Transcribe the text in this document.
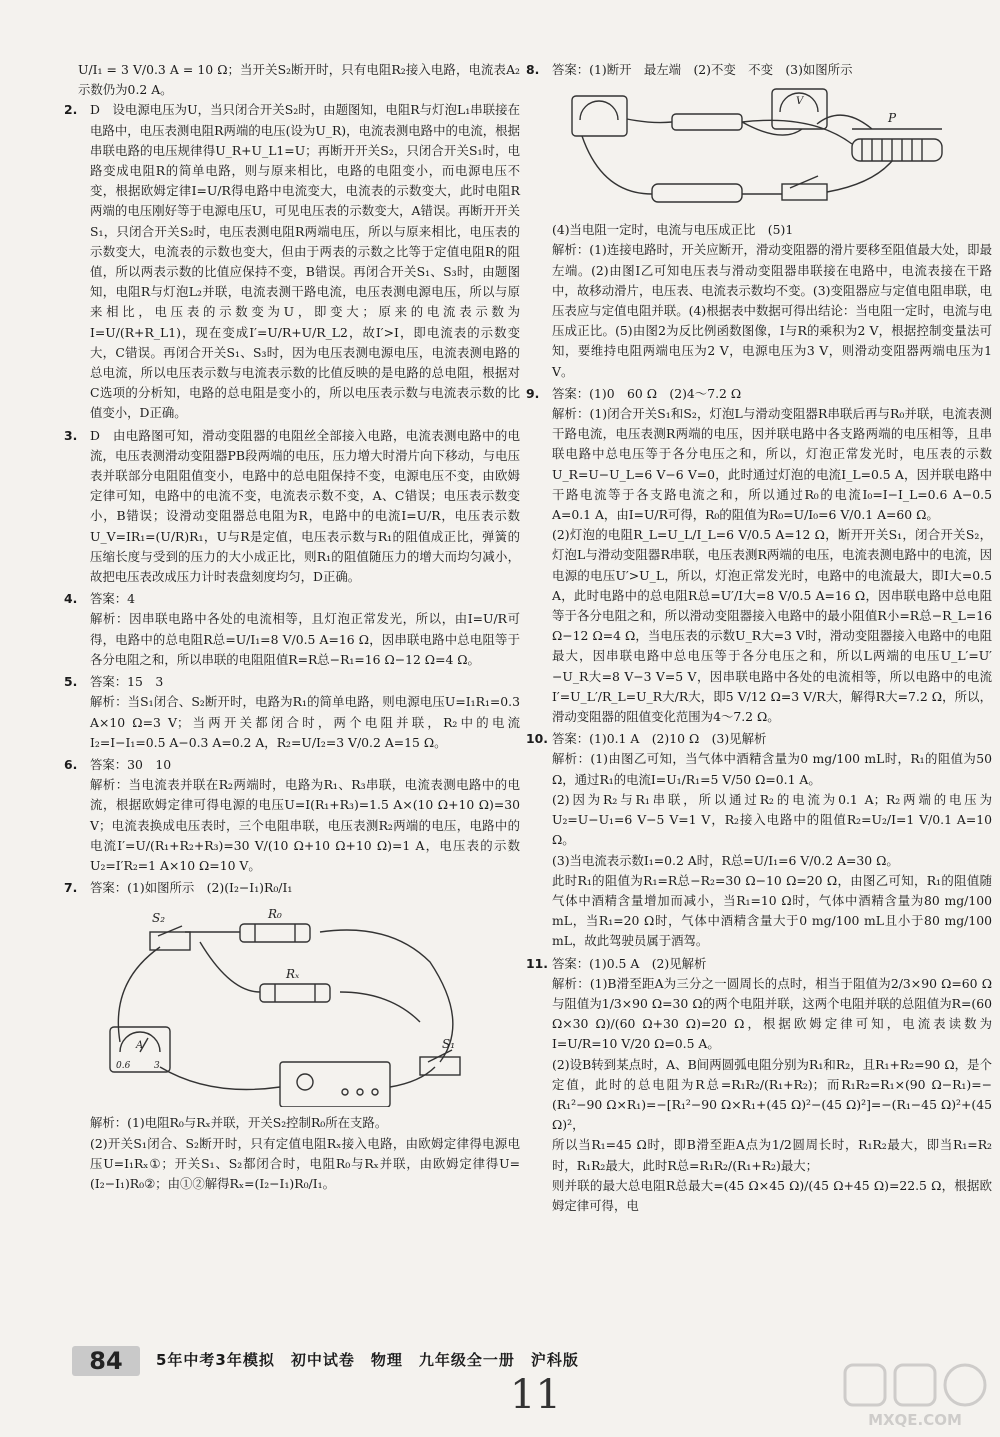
U/I₁ = 3 V/0.3 A = 10 Ω；当开关S₂断开时，只有电阻R₂接入电路，电流表A₂示数仍为0.2 A。

2. D　设电源电压为U，当只闭合开关S₂时，由题图知，电阻R与灯泡L₁串联接在电路中，电压表测电阻R两端的电压(设为U_R)，电流表测电路中的电流，根据串联电路的电压规律得U_R+U_L1=U；再断开开关S₂，只闭合开关S₁时，电路变成电阻R的简单电路，则与原来相比，电路的电阻变小，而电源电压不变，根据欧姆定律I=U/R得电路中电流变大，电流表的示数变大，此时电阻R两端的电压刚好等于电源电压U，可见电压表的示数变大，A错误。再断开开关S₁，只闭合开关S₂时，电压表测电阻R两端电压，所以与原来相比，电压表的示数变大，电流表的示数也变大，但由于两表的示数之比等于定值电阻R的阻值，所以两表示数的比值应保持不变，B错误。再闭合开关S₁、S₃时，由题图知，电阻R与灯泡L₂并联，电流表测干路电流，电压表测电源电压，所以与原来相比，电压表的示数变为U，即变大；原来的电流表示数为I=U/(R+R_L1)，现在变成I′=U/R+U/R_L2，故I′>I，即电流表的示数变大，C错误。再闭合开关S₁、S₃时，因为电压表测电源电压，电流表测电路的总电流，所以电压表示数与电流表示数的比值反映的是电路的总电阻，根据对C选项的分析知，电路的总电阻是变小的，所以电压表示数与电流表示数的比值变小，D正确。

3. D　由电路图可知，滑动变阻器的电阻丝全部接入电路，电流表测电路中的电流，电压表测滑动变阻器PB段两端的电压，压力增大时滑片向下移动，与电压表并联部分电阻阻值变小，电路中的总电阻保持不变，电源电压不变，由欧姆定律可知，电路中的电流不变，电流表示数不变，A、C错误；电压表示数变小，B错误；设滑动变阻器总电阻为R，电路中的电流I=U/R，电压表示数U_V=IR₁=(U/R)R₁，U与R是定值，电压表示数与R₁的阻值成正比，弹簧的压缩长度与受到的压力的大小成正比，则R₁的阻值随压力的增大而均匀减小，故把电压表改成压力计时表盘刻度均匀，D正确。

4. 答案：4

解析：因串联电路中各处的电流相等，且灯泡正常发光，所以，由I=U/R可得，电路中的总电阻R总=U/I₁=8 V/0.5 A=16 Ω，因串联电路中总电阻等于各分电阻之和，所以串联的电阻阻值R=R总−R₁=16 Ω−12 Ω=4 Ω。

5. 答案：15　3

解析：当S₁闭合、S₂断开时，电路为R₁的简单电路，则电源电压U=I₁R₁=0.3 A×10 Ω=3 V；当两开关都闭合时，两个电阻并联，R₂中的电流I₂=I−I₁=0.5 A−0.3 A=0.2 A，R₂=U/I₂=3 V/0.2 A=15 Ω。

6. 答案：30　10

解析：当电流表并联在R₂两端时，电路为R₁、R₃串联，电流表测电路中的电流，根据欧姆定律可得电源的电压U=I(R₁+R₃)=1.5 A×(10 Ω+10 Ω)=30 V；电流表换成电压表时，三个电阻串联，电压表测R₂两端的电压，电路中的电流I′=U/(R₁+R₂+R₃)=30 V/(10 Ω+10 Ω+10 Ω)=1 A，电压表的示数U₂=I′R₂=1 A×10 Ω=10 V。

7. 答案：(1)如图所示　(2)(I₂−I₁)R₀/I₁

S₂	R₀
Rₓ
S₁
A
0.6	3

解析：(1)电阻R₀与Rₓ并联，开关S₂控制R₀所在支路。

(2)开关S₁闭合、S₂断开时，只有定值电阻Rₓ接入电路，由欧姆定律得电源电压U=I₁Rₓ①；开关S₁、S₂都闭合时，电阻R₀与Rₓ并联，由欧姆定律得U=(I₂−I₁)R₀②；由①②解得Rₓ=(I₂−I₁)R₀/I₁。

8. 答案：(1)断开　最左端　(2)不变　不变　(3)如图所示

P
V

(4)当电阻一定时，电流与电压成正比　(5)1

解析：(1)连接电路时，开关应断开，滑动变阻器的滑片要移至阻值最大处，即最左端。(2)由图Ⅰ乙可知电压表与滑动变阻器串联接在电路中，电流表接在干路中，故移动滑片，电压表、电流表示数均不变。(3)变阻器应与定值电阻串联，电压表应与定值电阻并联。(4)根据表中数据可得出结论：当电阻一定时，电流与电压成正比。(5)由图2为反比例函数图像，I与R的乘积为2 V，根据控制变量法可知，要维持电阻两端电压为2 V，电源电压为3 V，则滑动变阻器两端电压为1 V。

9. 答案：(1)0　60 Ω　(2)4～7.2 Ω

解析：(1)闭合开关S₁和S₂，灯泡L与滑动变阻器R串联后再与R₀并联，电流表测干路电流，电压表测R两端的电压，因并联电路中各支路两端的电压相等，且串联电路中总电压等于各分电压之和，所以，灯泡正常发光时，电压表的示数U_R=U−U_L=6 V−6 V=0，此时通过灯泡的电流I_L=0.5 A，因并联电路中干路电流等于各支路电流之和，所以通过R₀的电流I₀=I−I_L=0.6 A−0.5 A=0.1 A，由I=U/R可得，R₀的阻值为R₀=U/I₀=6 V/0.1 A=60 Ω。

(2)灯泡的电阻R_L=U_L/I_L=6 V/0.5 A=12 Ω，断开开关S₁，闭合开关S₂，灯泡L与滑动变阻器R串联，电压表测R两端的电压，电流表测电路中的电流，因电源的电压U′>U_L，所以，灯泡正常发光时，电路中的电流最大，即I大=0.5 A，此时电路中的总电阻R总=U′/I大=8 V/0.5 A=16 Ω，因串联电路中总电阻等于各分电阻之和，所以滑动变阻器接入电路中的最小阻值R小=R总−R_L=16 Ω−12 Ω=4 Ω，当电压表的示数U_R大=3 V时，滑动变阻器接入电路中的电阻最大，因串联电路中总电压等于各分电压之和，所以L两端的电压U_L′=U′−U_R大=8 V−3 V=5 V，因串联电路中各处的电流相等，所以电路中的电流I′=U_L′/R_L=U_R大/R大，即5 V/12 Ω=3 V/R大，解得R大=7.2 Ω，所以，滑动变阻器的阻值变化范围为4～7.2 Ω。

10. 答案：(1)0.1 A　(2)10 Ω　(3)见解析

解析：(1)由图乙可知，当气体中酒精含量为0 mg/100 mL时，R₁的阻值为50 Ω，通过R₁的电流I=U₁/R₁=5 V/50 Ω=0.1 A。

(2)因为R₂与R₁串联，所以通过R₂的电流为0.1 A；R₂两端的电压为U₂=U−U₁=6 V−5 V=1 V，R₂接入电路中的阻值R₂=U₂/I=1 V/0.1 A=10 Ω。

(3)当电流表示数I₁=0.2 A时，R总=U/I₁=6 V/0.2 A=30 Ω。

此时R₁的阻值为R₁=R总−R₂=30 Ω−10 Ω=20 Ω，由图乙可知，R₁的阻值随气体中酒精含量增加而减小，当R₁=10 Ω时，气体中酒精含量为80 mg/100 mL，当R₁=20 Ω时，气体中酒精含量大于0 mg/100 mL且小于80 mg/100 mL，故此驾驶员属于酒驾。

11. 答案：(1)0.5 A　(2)见解析

解析：(1)B滑至距A为三分之一圆周长的点时，相当于阻值为2/3×90 Ω=60 Ω与阻值为1/3×90 Ω=30 Ω的两个电阻并联，这两个电阻并联的总阻值为R=(60 Ω×30 Ω)/(60 Ω+30 Ω)=20 Ω，根据欧姆定律可知，电流表读数为I=U/R=10 V/20 Ω=0.5 A。

(2)设B转到某点时，A、B间两圆弧电阻分别为R₁和R₂，且R₁+R₂=90 Ω，是个定值，此时的总电阻为R总=R₁R₂/(R₁+R₂)；而R₁R₂=R₁×(90 Ω−R₁)=−(R₁²−90 Ω×R₁)=−[R₁²−90 Ω×R₁+(45 Ω)²−(45 Ω)²]=−(R₁−45 Ω)²+(45 Ω)²，

所以当R₁=45 Ω时，即B滑至距A点为1/2圆周长时，R₁R₂最大，即当R₁=R₂时，R₁R₂最大，此时R总=R₁R₂/(R₁+R₂)最大；

则并联的最大总电阻R总最大=(45 Ω×45 Ω)/(45 Ω+45 Ω)=22.5 Ω，根据欧姆定律可得，电

84	5年中考3年模拟　初中试卷　物理　九年级全一册　沪科版
11
MXQE.COM
